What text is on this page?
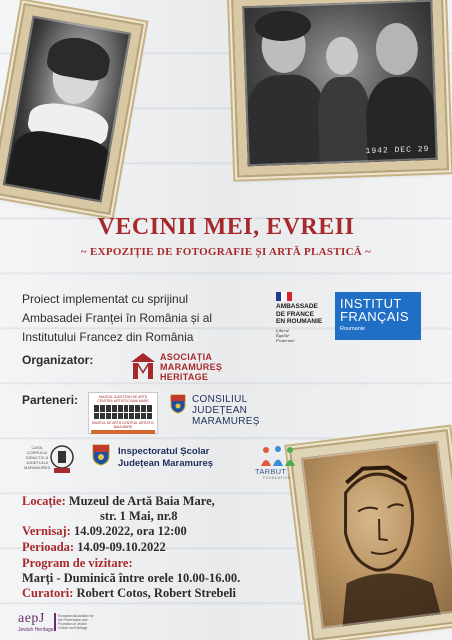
1942 DEC 29
VECINII MEI, EVREII
~ EXPOZIȚIE DE FOTOGRAFIE ȘI ARTĂ PLASTICĂ ~
Proiect implementat cu sprijinul
Ambasadei Franței în România și al
Institutului Francez din România
AMBASSADE
DE FRANCE
EN ROUMANIE
Liberté
Égalité
Fraternité
INSTITUT
FRANÇAIS
Roumanie
Organizator:	ASOCIAȚIA
MARAMUREȘ
HERITAGE
Parteneri:	MUZEUL JUDEȚEAN DE ARTĂ CENTRUL ARTISTIC BAIA MARE
MUZEUL DE ARTĂ CENTRUL ARTISTIC BAIA MARE
CONSILIUL
JUDEȚEAN
MARAMUREȘ
CASA
CORPULUI
DIDACTIC A
JUDEȚULUI
MARAMUREȘ
Inspectoratul Școlar
Județean Maramureș
TARBUT
FOUNDATION
Locație: Muzeul de Artă Baia Mare,
str. 1 Mai, nr.8
Vernisaj: 14.09.2022, ora 12:00
Perioada: 14.09-09.10.2022
Program de vizitare:
Marți - Duminică între orele 10.00-16.00.
Curatori: Robert Cotos, Robert Strebeli
aepJ
Jewish Heritage
European Association for the Preservation and Promotion of Jewish Culture and Heritage
